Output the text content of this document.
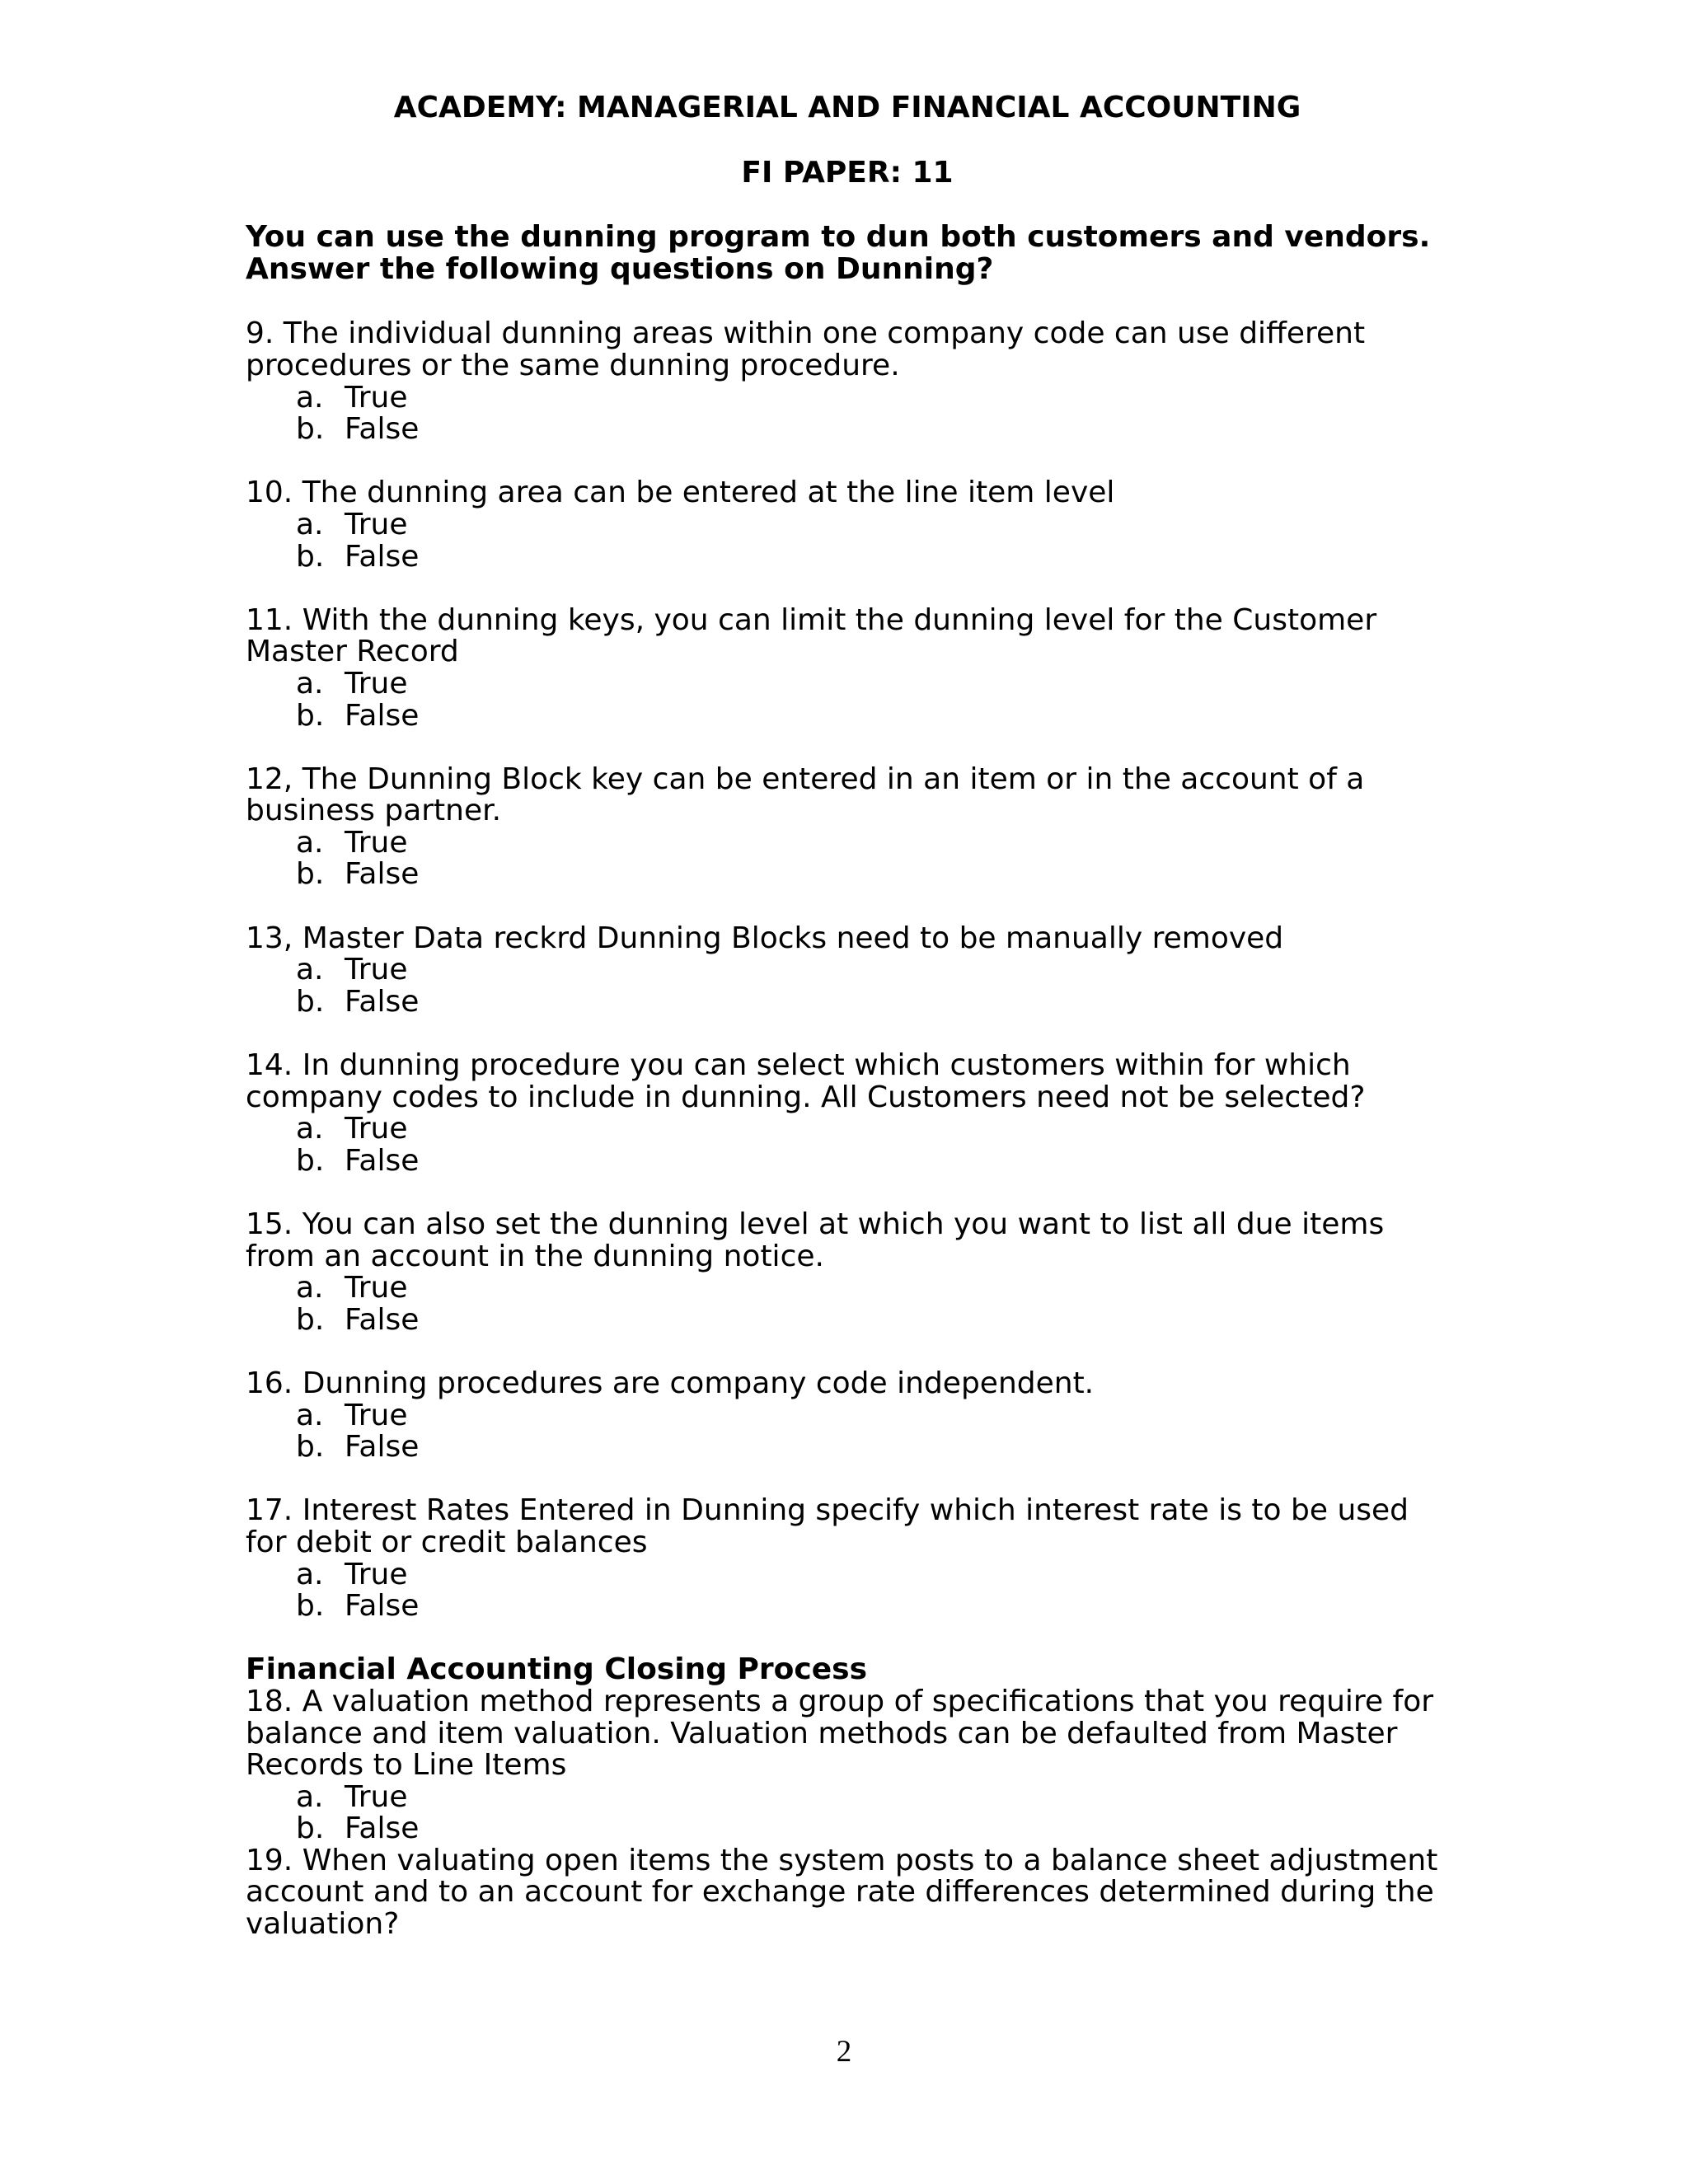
ACADEMY: MANAGERIAL AND FINANCIAL ACCOUNTING
FI PAPER: 11
You can use the dunning program to dun both customers and vendors.
Answer the following questions on Dunning?
9. The individual dunning areas within one company code can use different procedures or the same dunning procedure.
a. True
b. False
10. The dunning area can be entered at the line item level
a. True
b. False
11. With the dunning keys, you can limit the dunning level for the Customer Master Record
a. True
b. False
12, The Dunning Block key can be entered in an item or in the account of a business partner.
a. True
b. False
13, Master Data reckrd Dunning Blocks need to be manually removed
a. True
b. False
14. In dunning procedure you can select which customers within for which company codes to include in dunning. All Customers need not be selected?
a. True
b. False
15. You can also set the dunning level at which you want to list all due items from an account in the dunning notice.
a. True
b. False
16. Dunning procedures are company code independent.
a. True
b. False
17. Interest Rates Entered in Dunning specify which interest rate is to be used for debit or credit balances
a. True
b. False
Financial Accounting Closing Process
18. A valuation method represents a group of specifications that you require for balance and item valuation. Valuation methods can be defaulted from Master Records to Line Items
a. True
b. False
19. When valuating open items the system posts to a balance sheet adjustment account and to an account for exchange rate differences determined during the valuation?
2
